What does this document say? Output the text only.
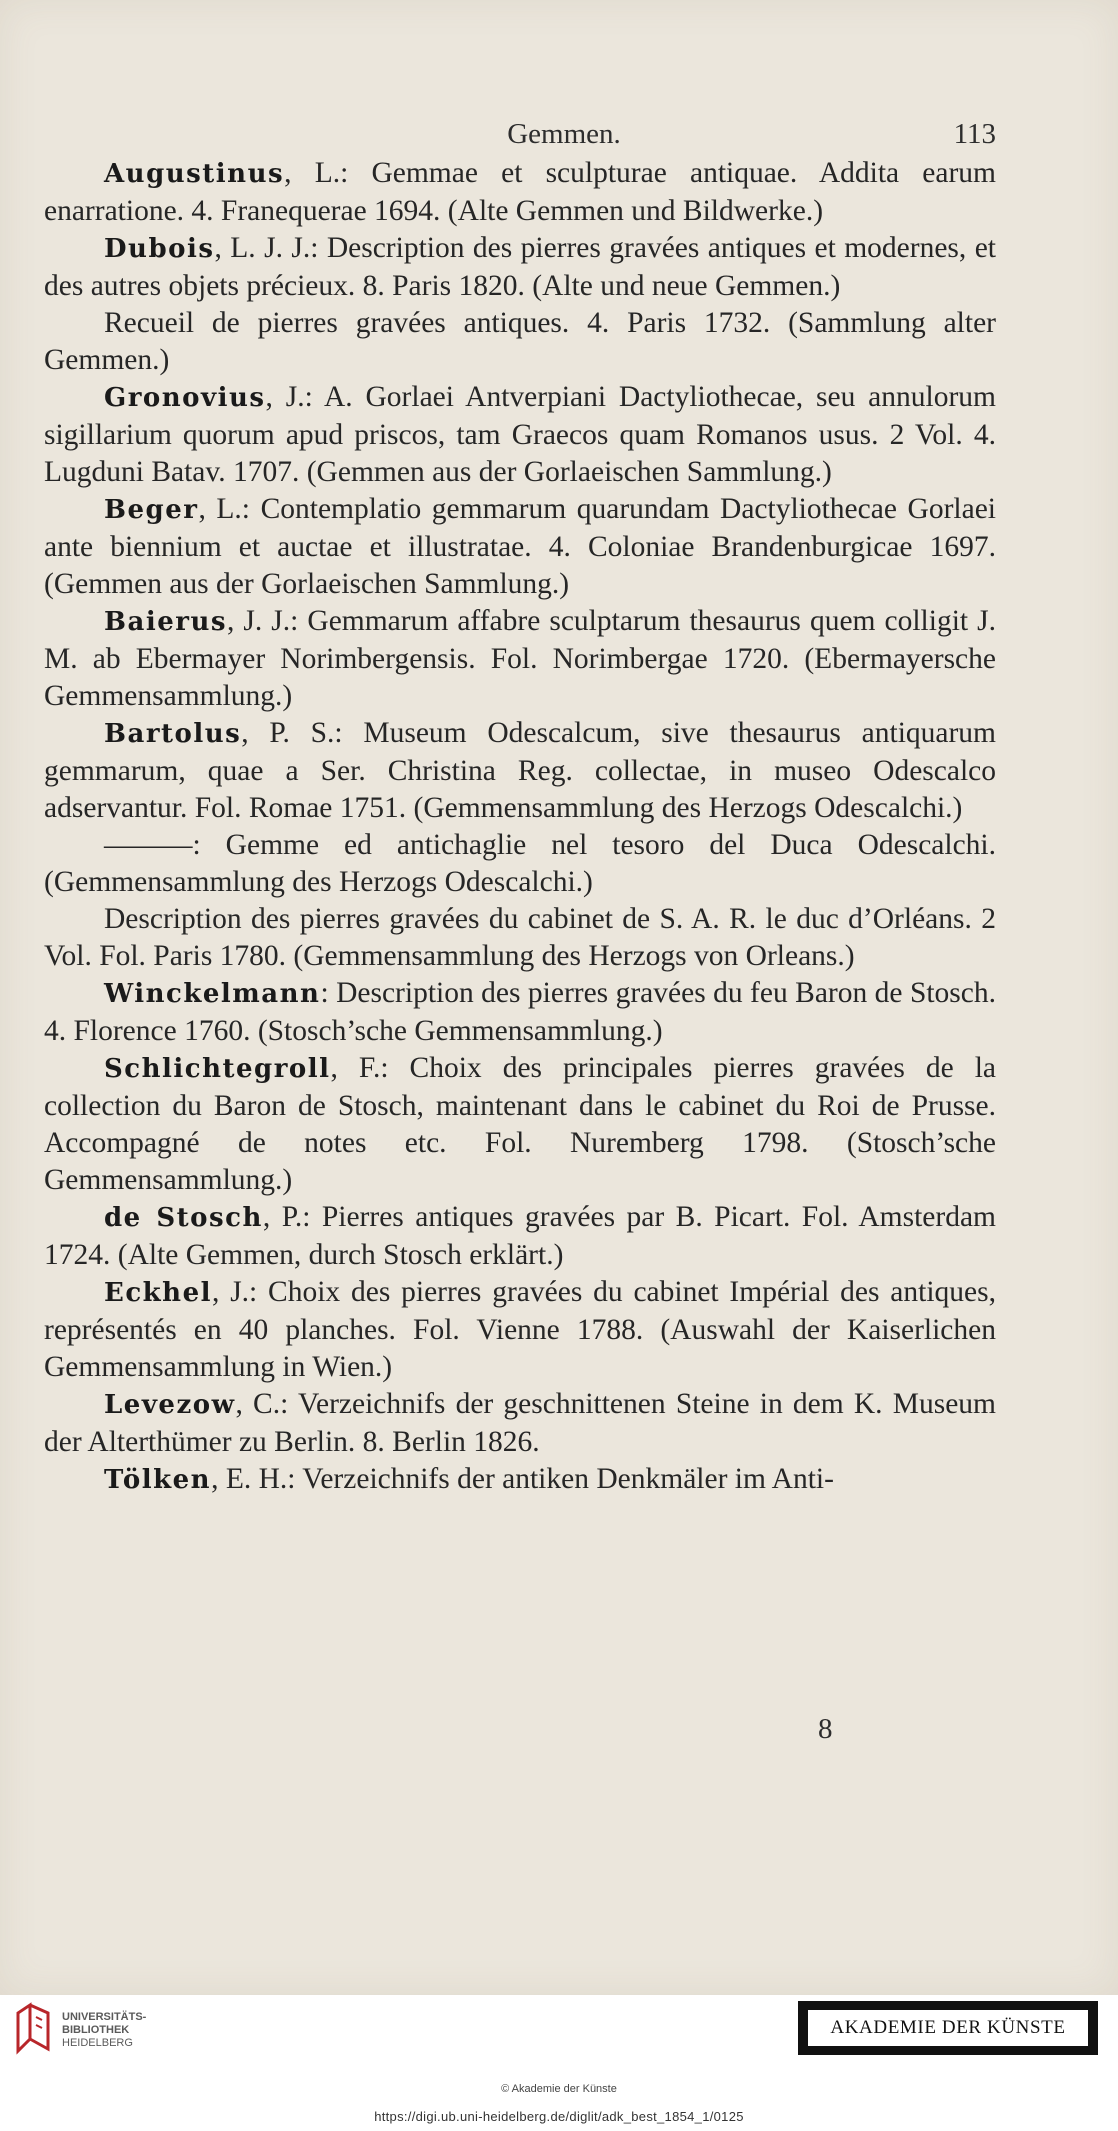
Gemmen.	113

Augustinus, L.: Gemmae et sculpturae antiquae. Addita earum enarratione. 4. Franequerae 1694. (Alte Gemmen und Bildwerke.)

Dubois, L. J. J.: Description des pierres gravées antiques et modernes, et des autres objets précieux. 8. Paris 1820. (Alte und neue Gemmen.)

Recueil de pierres gravées antiques. 4. Paris 1732. (Sammlung alter Gemmen.)

Gronovius, J.: A. Gorlaei Antverpiani Dactyliothecae, seu annulorum sigillarium quorum apud priscos, tam Graecos quam Romanos usus. 2 Vol. 4. Lugduni Batav. 1707. (Gemmen aus der Gorlaeischen Sammlung.)

Beger, L.: Contemplatio gemmarum quarundam Dactyliothecae Gorlaei ante biennium et auctae et illustratae. 4. Coloniae Brandenburgicae 1697. (Gemmen aus der Gorlaeischen Sammlung.)

Baierus, J. J.: Gemmarum affabre sculptarum thesaurus quem colligit J. M. ab Ebermayer Norimbergensis. Fol. Norimbergae 1720. (Ebermayersche Gemmensammlung.)

Bartolus, P. S.: Museum Odescalcum, sive thesaurus antiquarum gemmarum, quae a Ser. Christina Reg. collectae, in museo Odescalco adservantur. Fol. Romae 1751. (Gemmensammlung des Herzogs Odescalchi.)

———: Gemme ed antichaglie nel tesoro del Duca Odescalchi. (Gemmensammlung des Herzogs Odescalchi.)

Description des pierres gravées du cabinet de S. A. R. le duc d’Orléans. 2 Vol. Fol. Paris 1780. (Gemmensammlung des Herzogs von Orleans.)

Winckelmann: Description des pierres gravées du feu Baron de Stosch. 4. Florence 1760. (Stosch’sche Gemmensammlung.)

Schlichtegroll, F.: Choix des principales pierres gravées de la collection du Baron de Stosch, maintenant dans le cabinet du Roi de Prusse. Accompagné de notes etc. Fol. Nuremberg 1798. (Stosch’sche Gemmensammlung.)

de Stosch, P.: Pierres antiques gravées par B. Picart. Fol. Amsterdam 1724. (Alte Gemmen, durch Stosch erklärt.)

Eckhel, J.: Choix des pierres gravées du cabinet Impérial des antiques, représentés en 40 planches. Fol. Vienne 1788. (Auswahl der Kaiserlichen Gemmensammlung in Wien.)

Levezow, C.: Verzeichnifs der geschnittenen Steine in dem K. Museum der Alterthümer zu Berlin. 8. Berlin 1826.

Tölken, E. H.: Verzeichnifs der antiken Denkmäler im Anti-

8
UNIVERSITÄTS-
BIBLIOTHEK
HEIDELBERG
AKADEMIE DER KÜNSTE
© Akademie der Künste
https://digi.ub.uni-heidelberg.de/diglit/adk_best_1854_1/0125
